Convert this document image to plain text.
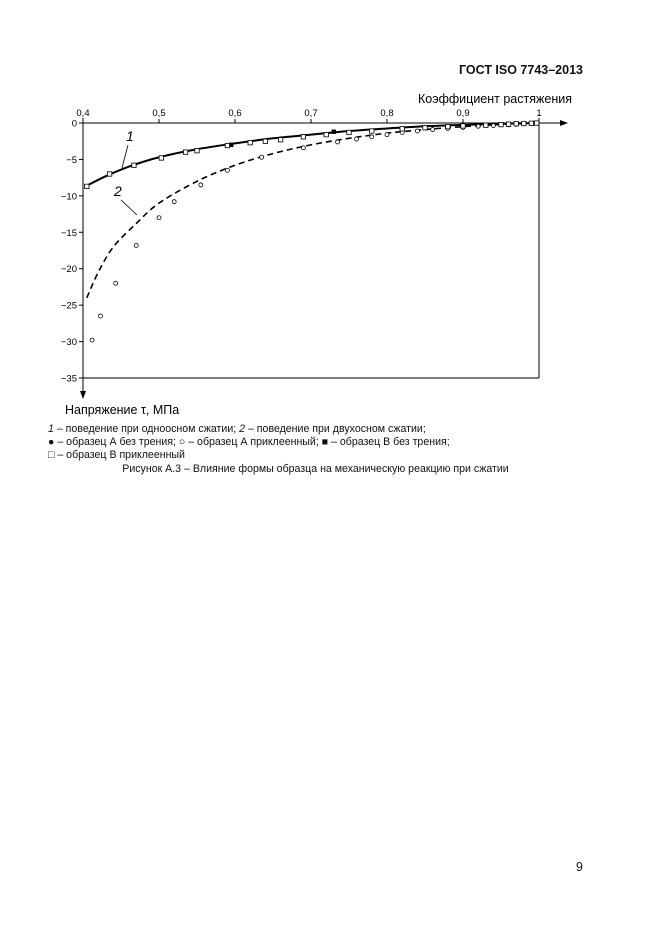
ГОСТ ISO 7743–2013
Коэффициент растяжения
Напряжение τ, МПа
0,4	0,5	0,6	0,7	0,8	0,9	1
0
−5
−10
−15
−20
−25
−30
−35
1
2
1 – поведение при одноосном сжатии; 2 – поведение при двухосном сжатии;
● – образец А без трения; ○ – образец А приклеенный; ■ – образец В без трения;
□ – образец В приклеенный
Рисунок А.3 – Влияние формы образца на механическую реакцию при сжатии
9
